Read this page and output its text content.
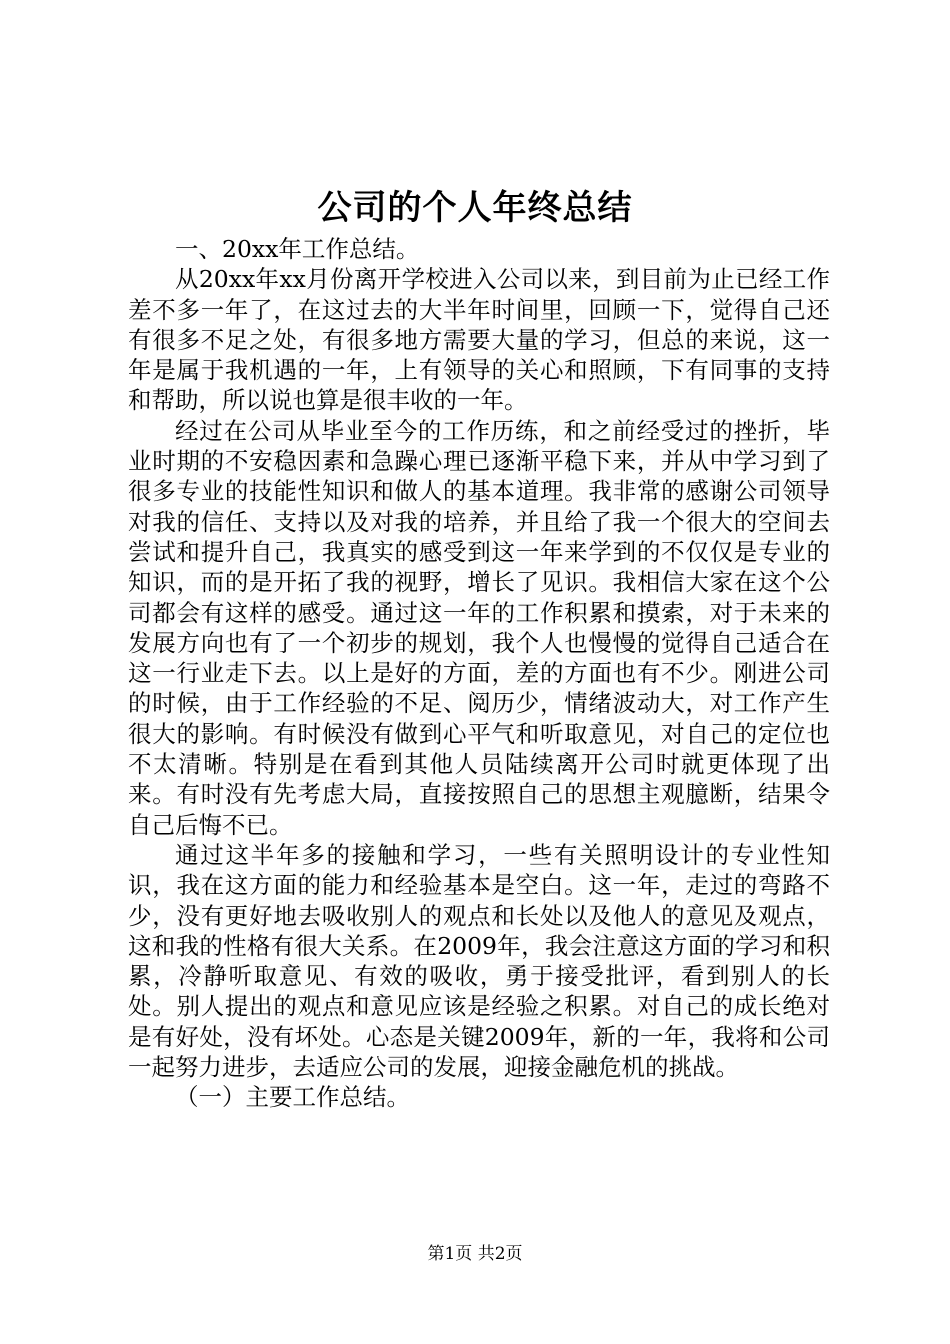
公司的个人年终总结

一、20xx年工作总结。

从20xx年xx月份离开学校进入公司以来，到目前为止已经工作差不多一年了，在这过去的大半年时间里，回顾一下，觉得自己还有很多不足之处，有很多地方需要大量的学习，但总的来说，这一年是属于我机遇的一年，上有领导的关心和照顾，下有同事的支持和帮助，所以说也算是很丰收的一年。

经过在公司从毕业至今的工作历练，和之前经受过的挫折，毕业时期的不安稳因素和急躁心理已逐渐平稳下来，并从中学习到了很多专业的技能性知识和做人的基本道理。我非常的感谢公司领导对我的信任、支持以及对我的培养，并且给了我一个很大的空间去尝试和提升自己，我真实的感受到这一年来学到的不仅仅是专业的知识，而的是开拓了我的视野，增长了见识。我相信大家在这个公司都会有这样的感受。通过这一年的工作积累和摸索，对于未来的发展方向也有了一个初步的规划，我个人也慢慢的觉得自己适合在这一行业走下去。以上是好的方面，差的方面也有不少。刚进公司的时候，由于工作经验的不足、阅历少，情绪波动大，对工作产生很大的影响。有时候没有做到心平气和听取意见，对自己的定位也不太清晰。特别是在看到其他人员陆续离开公司时就更体现了出来。有时没有先考虑大局，直接按照自己的思想主观臆断，结果令自己后悔不已。

通过这半年多的接触和学习，一些有关照明设计的专业性知识，我在这方面的能力和经验基本是空白。这一年，走过的弯路不少，没有更好地去吸收别人的观点和长处以及他人的意见及观点，这和我的性格有很大关系。在2009年，我会注意这方面的学习和积累，冷静听取意见、有效的吸收，勇于接受批评，看到别人的长处。别人提出的观点和意见应该是经验之积累。对自己的成长绝对是有好处，没有坏处。心态是关键2009年，新的一年，我将和公司一起努力进步，去适应公司的发展，迎接金融危机的挑战。

（一）主要工作总结。

第1页 共2页
